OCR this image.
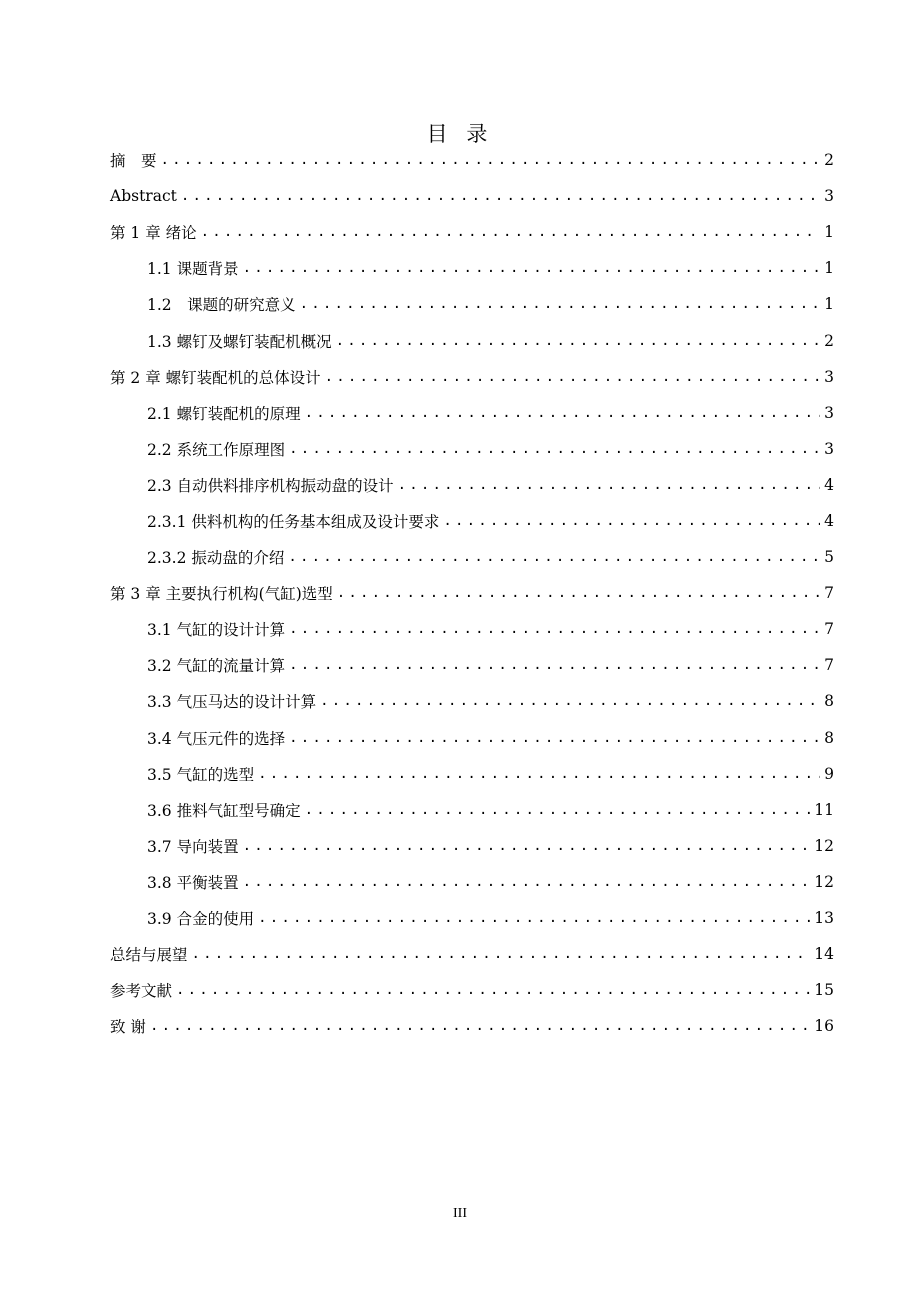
目 录
摘　要 .....	2
Abstract .....	3
第 1 章 绪论 .....	1
1.1 课题背景 .....	1
1.2　课题的研究意义 .....	1
1.3 螺钉及螺钉装配机概况 .....	2
第 2 章 螺钉装配机的总体设计 .....	3
2.1 螺钉装配机的原理 .....	3
2.2 系统工作原理图 .....	3
2.3 自动供料排序机构振动盘的设计 .....	4
2.3.1 供料机构的任务基本组成及设计要求 .....	4
2.3.2 振动盘的介绍 .....	5
第 3 章 主要执行机构(气缸)选型 .....	7
3.1 气缸的设计计算 .....	7
3.2 气缸的流量计算 .....	7
3.3 气压马达的设计计算 .....	8
3.4 气压元件的选择 .....	8
3.5 气缸的选型 .....	9
3.6 推料气缸型号确定 .....	11
3.7 导向装置 .....	12
3.8 平衡装置 .....	12
3.9 合金的使用 .....	13
总结与展望 .....	14
参考文献 .....	15
致 谢 .....	16
III
